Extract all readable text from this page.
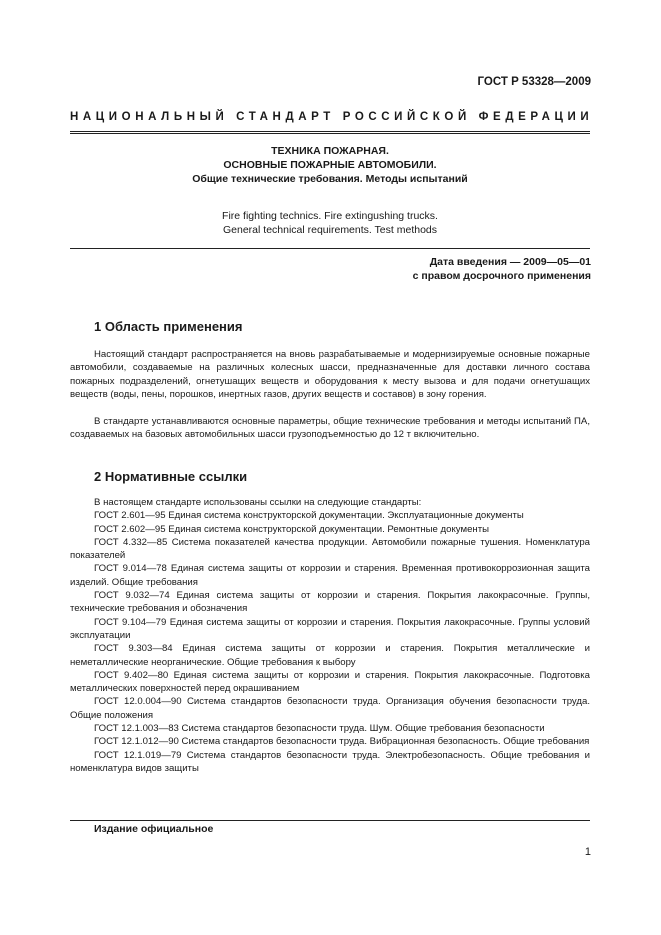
ГОСТ Р 53328—2009
НАЦИОНАЛЬНЫЙ СТАНДАРТ РОССИЙСКОЙ ФЕДЕРАЦИИ
ТЕХНИКА ПОЖАРНАЯ.
ОСНОВНЫЕ ПОЖАРНЫЕ АВТОМОБИЛИ.
Общие технические требования. Методы испытаний
Fire fighting technics. Fire extingushing trucks.
General technical requirements. Test methods
Дата введения — 2009—05—01
с правом досрочного применения
1 Область применения

Настоящий стандарт распространяется на вновь разрабатываемые и модернизируемые основные пожарные автомобили, создаваемые на различных колесных шасси, предназначенные для доставки личного состава пожарных подразделений, огнетушащих веществ и оборудования к месту вызова и для подачи огнетушащих веществ (воды, пены, порошков, инертных газов, других веществ и составов) в зону горения.

В стандарте устанавливаются основные параметры, общие технические требования и методы испытаний ПА, создаваемых на базовых автомобильных шасси грузоподъемностью до 12 т включительно.

2 Нормативные ссылки

В настоящем стандарте использованы ссылки на следующие стандарты:

ГОСТ 2.601—95 Единая система конструкторской документации. Эксплуатационные документы

ГОСТ 2.602—95 Единая система конструкторской документации. Ремонтные документы

ГОСТ 4.332—85 Система показателей качества продукции. Автомобили пожарные тушения. Номенклатура показателей

ГОСТ 9.014—78 Единая система защиты от коррозии и старения. Временная противокоррозионная защита изделий. Общие требования

ГОСТ 9.032—74 Единая система защиты от коррозии и старения. Покрытия лакокрасочные. Группы, технические требования и обозначения

ГОСТ 9.104—79 Единая система защиты от коррозии и старения. Покрытия лакокрасочные. Группы условий эксплуатации

ГОСТ 9.303—84 Единая система защиты от коррозии и старения. Покрытия металлические и неметаллические неорганические. Общие требования к выбору

ГОСТ 9.402—80 Единая система защиты от коррозии и старения. Покрытия лакокрасочные. Подготовка металлических поверхностей перед окрашиванием

ГОСТ 12.0.004—90 Система стандартов безопасности труда. Организация обучения безопасности труда. Общие положения

ГОСТ 12.1.003—83 Система стандартов безопасности труда. Шум. Общие требования безопасности

ГОСТ 12.1.012—90 Система стандартов безопасности труда. Вибрационная безопасность. Общие требования

ГОСТ 12.1.019—79 Система стандартов безопасности труда. Электробезопасность. Общие требования и номенклатура видов защиты

Издание официальное
1
